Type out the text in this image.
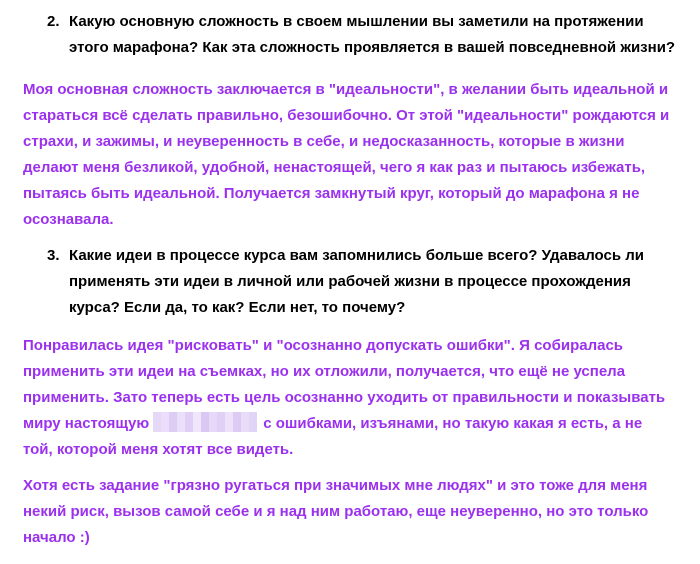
2. Какую основную сложность в своем мышлении вы заметили на протяжении
этого марафона? Как эта сложность проявляется в вашей повседневной жизни?
Моя основная сложность заключается в "идеальности", в желании быть идеальной и
стараться всё сделать правильно, безошибочно. От этой "идеальности" рождаются и
страхи, и зажимы, и неуверенность в себе, и недосказанность, которые в жизни
делают меня безликой, удобной, ненастоящей, чего я как раз и пытаюсь избежать,
пытаясь быть идеальной. Получается замкнутый круг, который до марафона я не
осознавала.
3. Какие идеи в процессе курса вам запомнились больше всего? Удавалось ли
применять эти идеи в личной или рабочей жизни в процессе прохождения
курса? Если да, то как? Если нет, то почему?
Понравилась идея "рисковать" и "осознанно допускать ошибки". Я собиралась
применить эти идеи на съемках, но их отложили, получается, что ещё не успела
применить. Зато теперь есть цель осознанно уходить от правильности и показывать
миру настоящую	с ошибками, изъянами, но такую какая я есть, а не
той, которой меня хотят все видеть.
Хотя есть задание "грязно ругаться при значимых мне людях" и это тоже для меня
некий риск, вызов самой себе и я над ним работаю, еще неуверенно, но это только
начало :)
